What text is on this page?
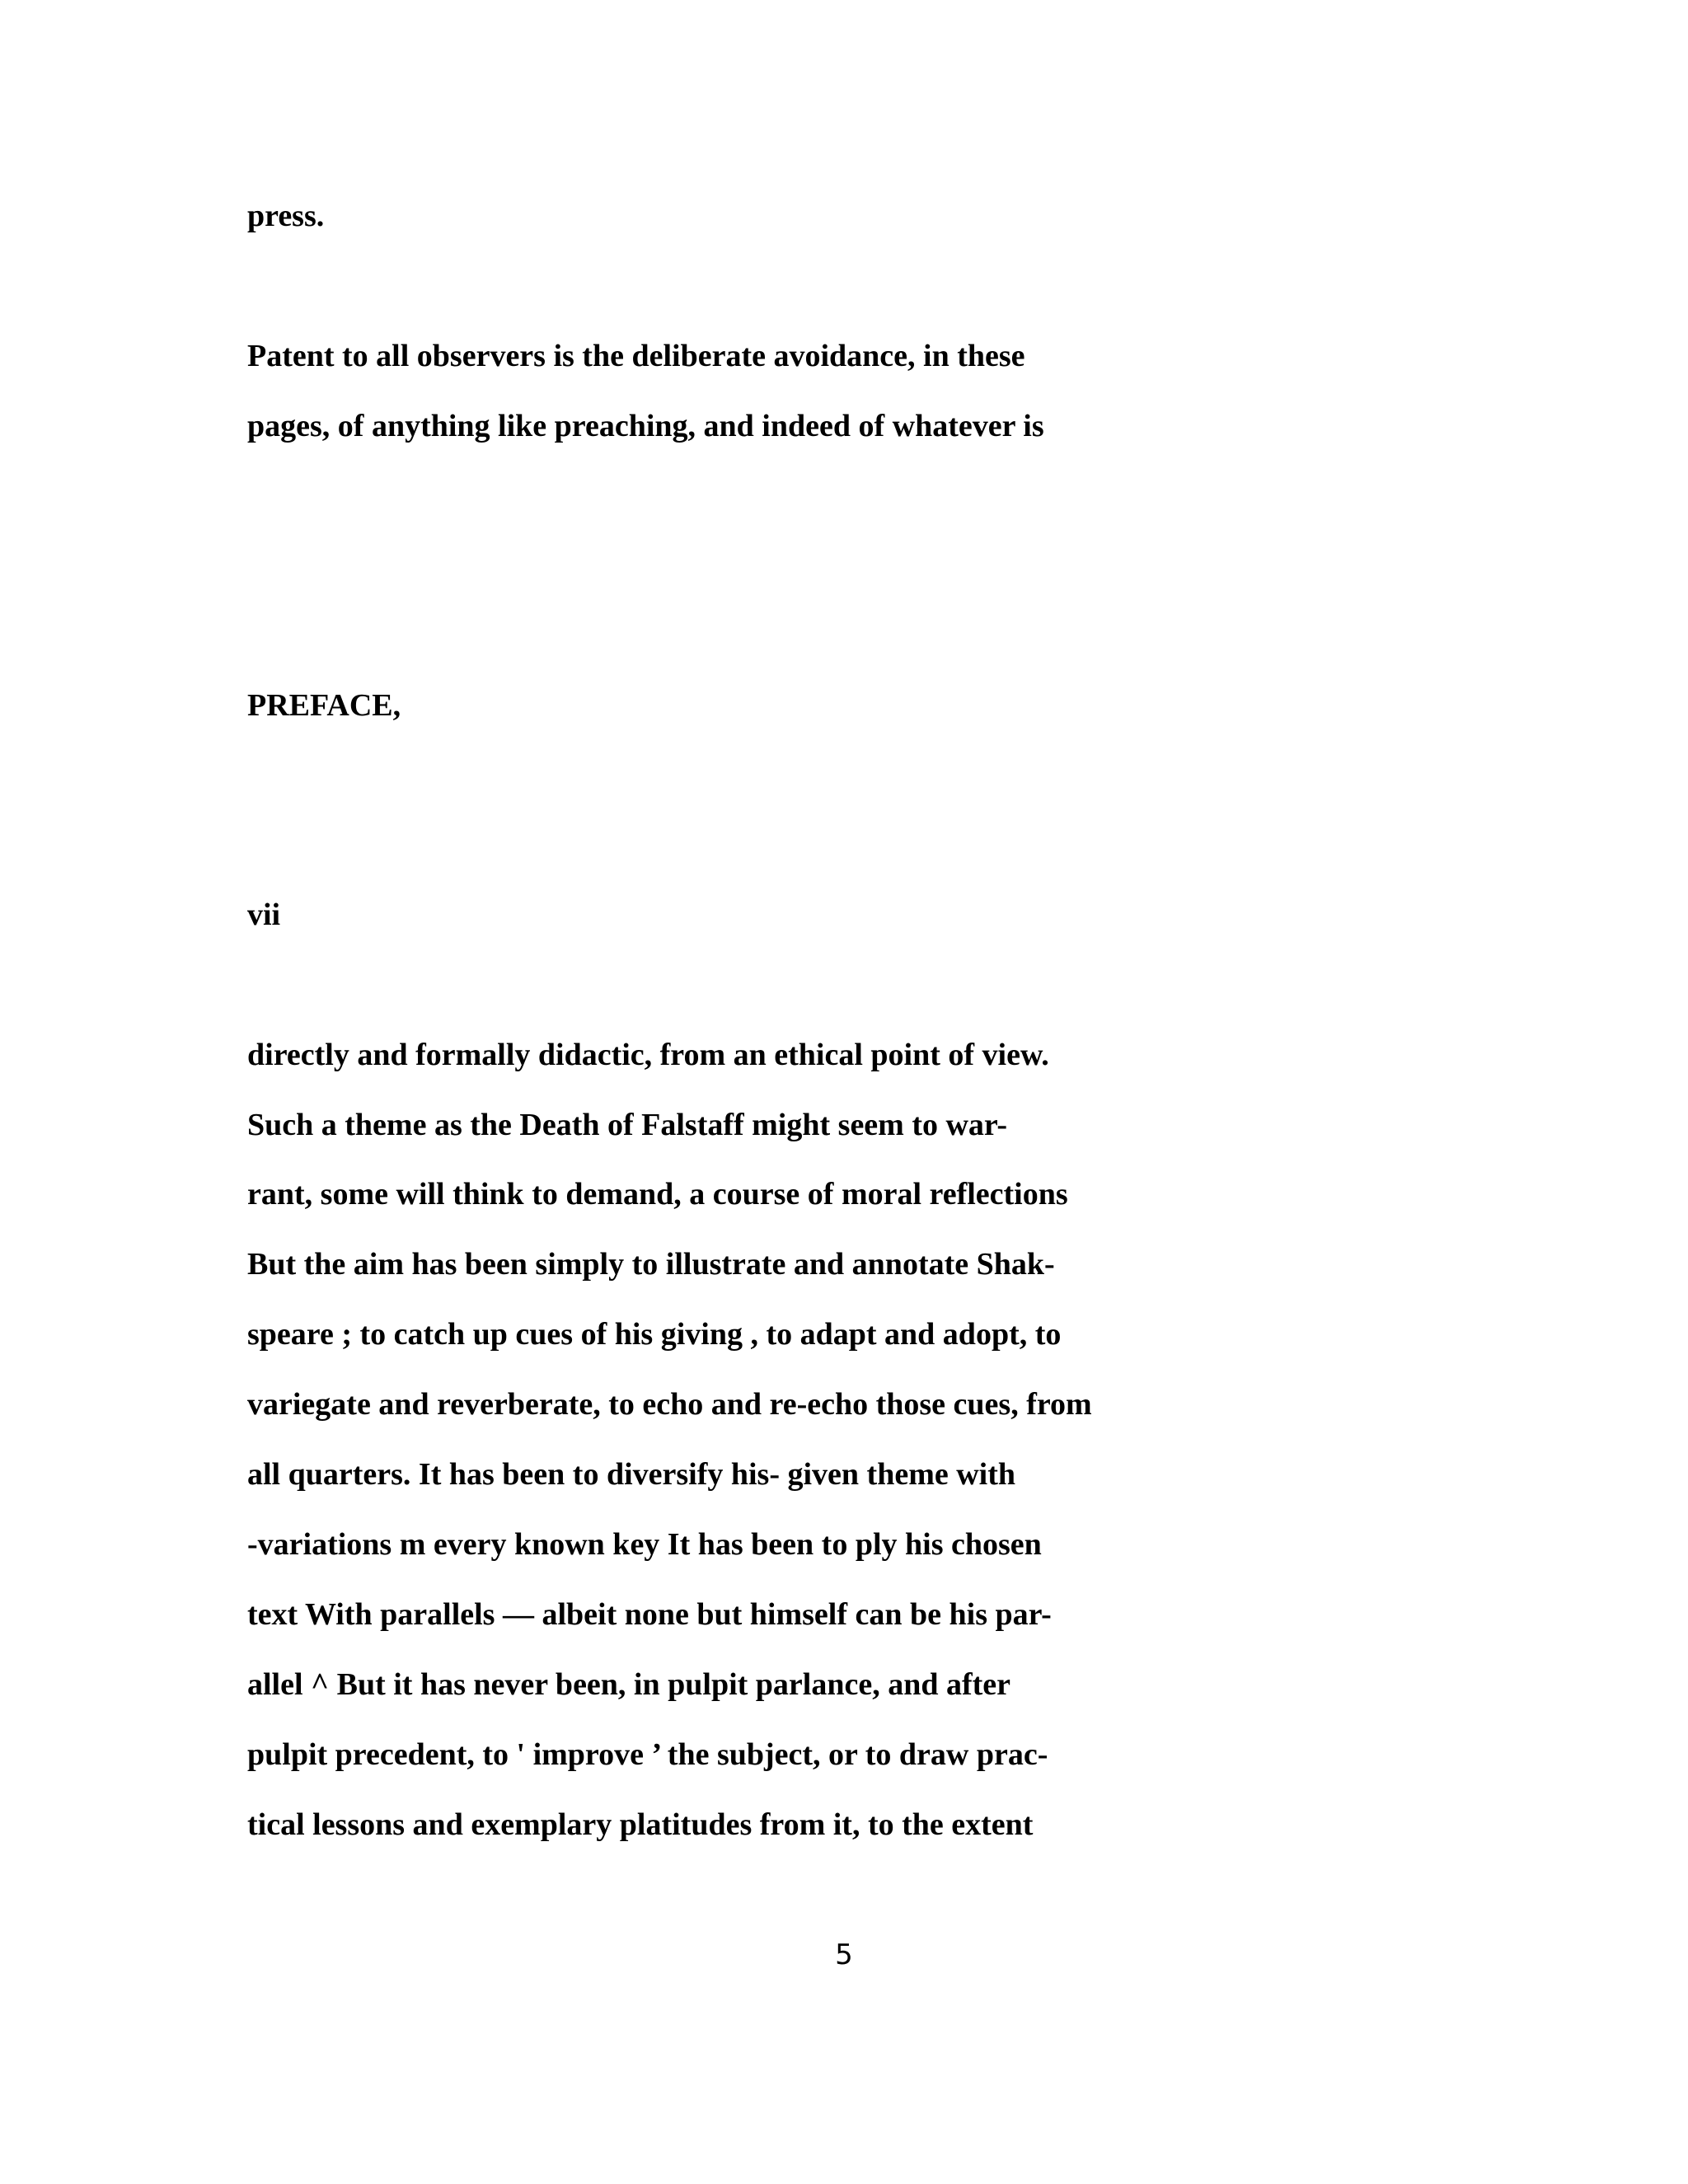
press.

Patent to all observers is the deliberate avoidance, in these

pages, of anything like preaching, and indeed of whatever is

PREFACE,

vii

directly and formally didactic, from an ethical point of view.

Such a theme as the Death of Falstaff might seem to war-

rant, some will think to demand, a course of moral reflections

But the aim has been simply to illustrate and annotate Shak-

speare ; to catch up cues of his giving , to adapt and adopt, to

variegate and reverberate, to echo and re-echo those cues, from

all quarters. It has been to diversify his- given theme with

-variations m every known key It has been to ply his chosen

text With parallels — albeit none but himself can be his par-

allel ^ But it has never been, in pulpit parlance, and after

pulpit precedent, to ' improve ’ the subject, or to draw prac-

tical lessons and exemplary platitudes from it, to the extent

5
